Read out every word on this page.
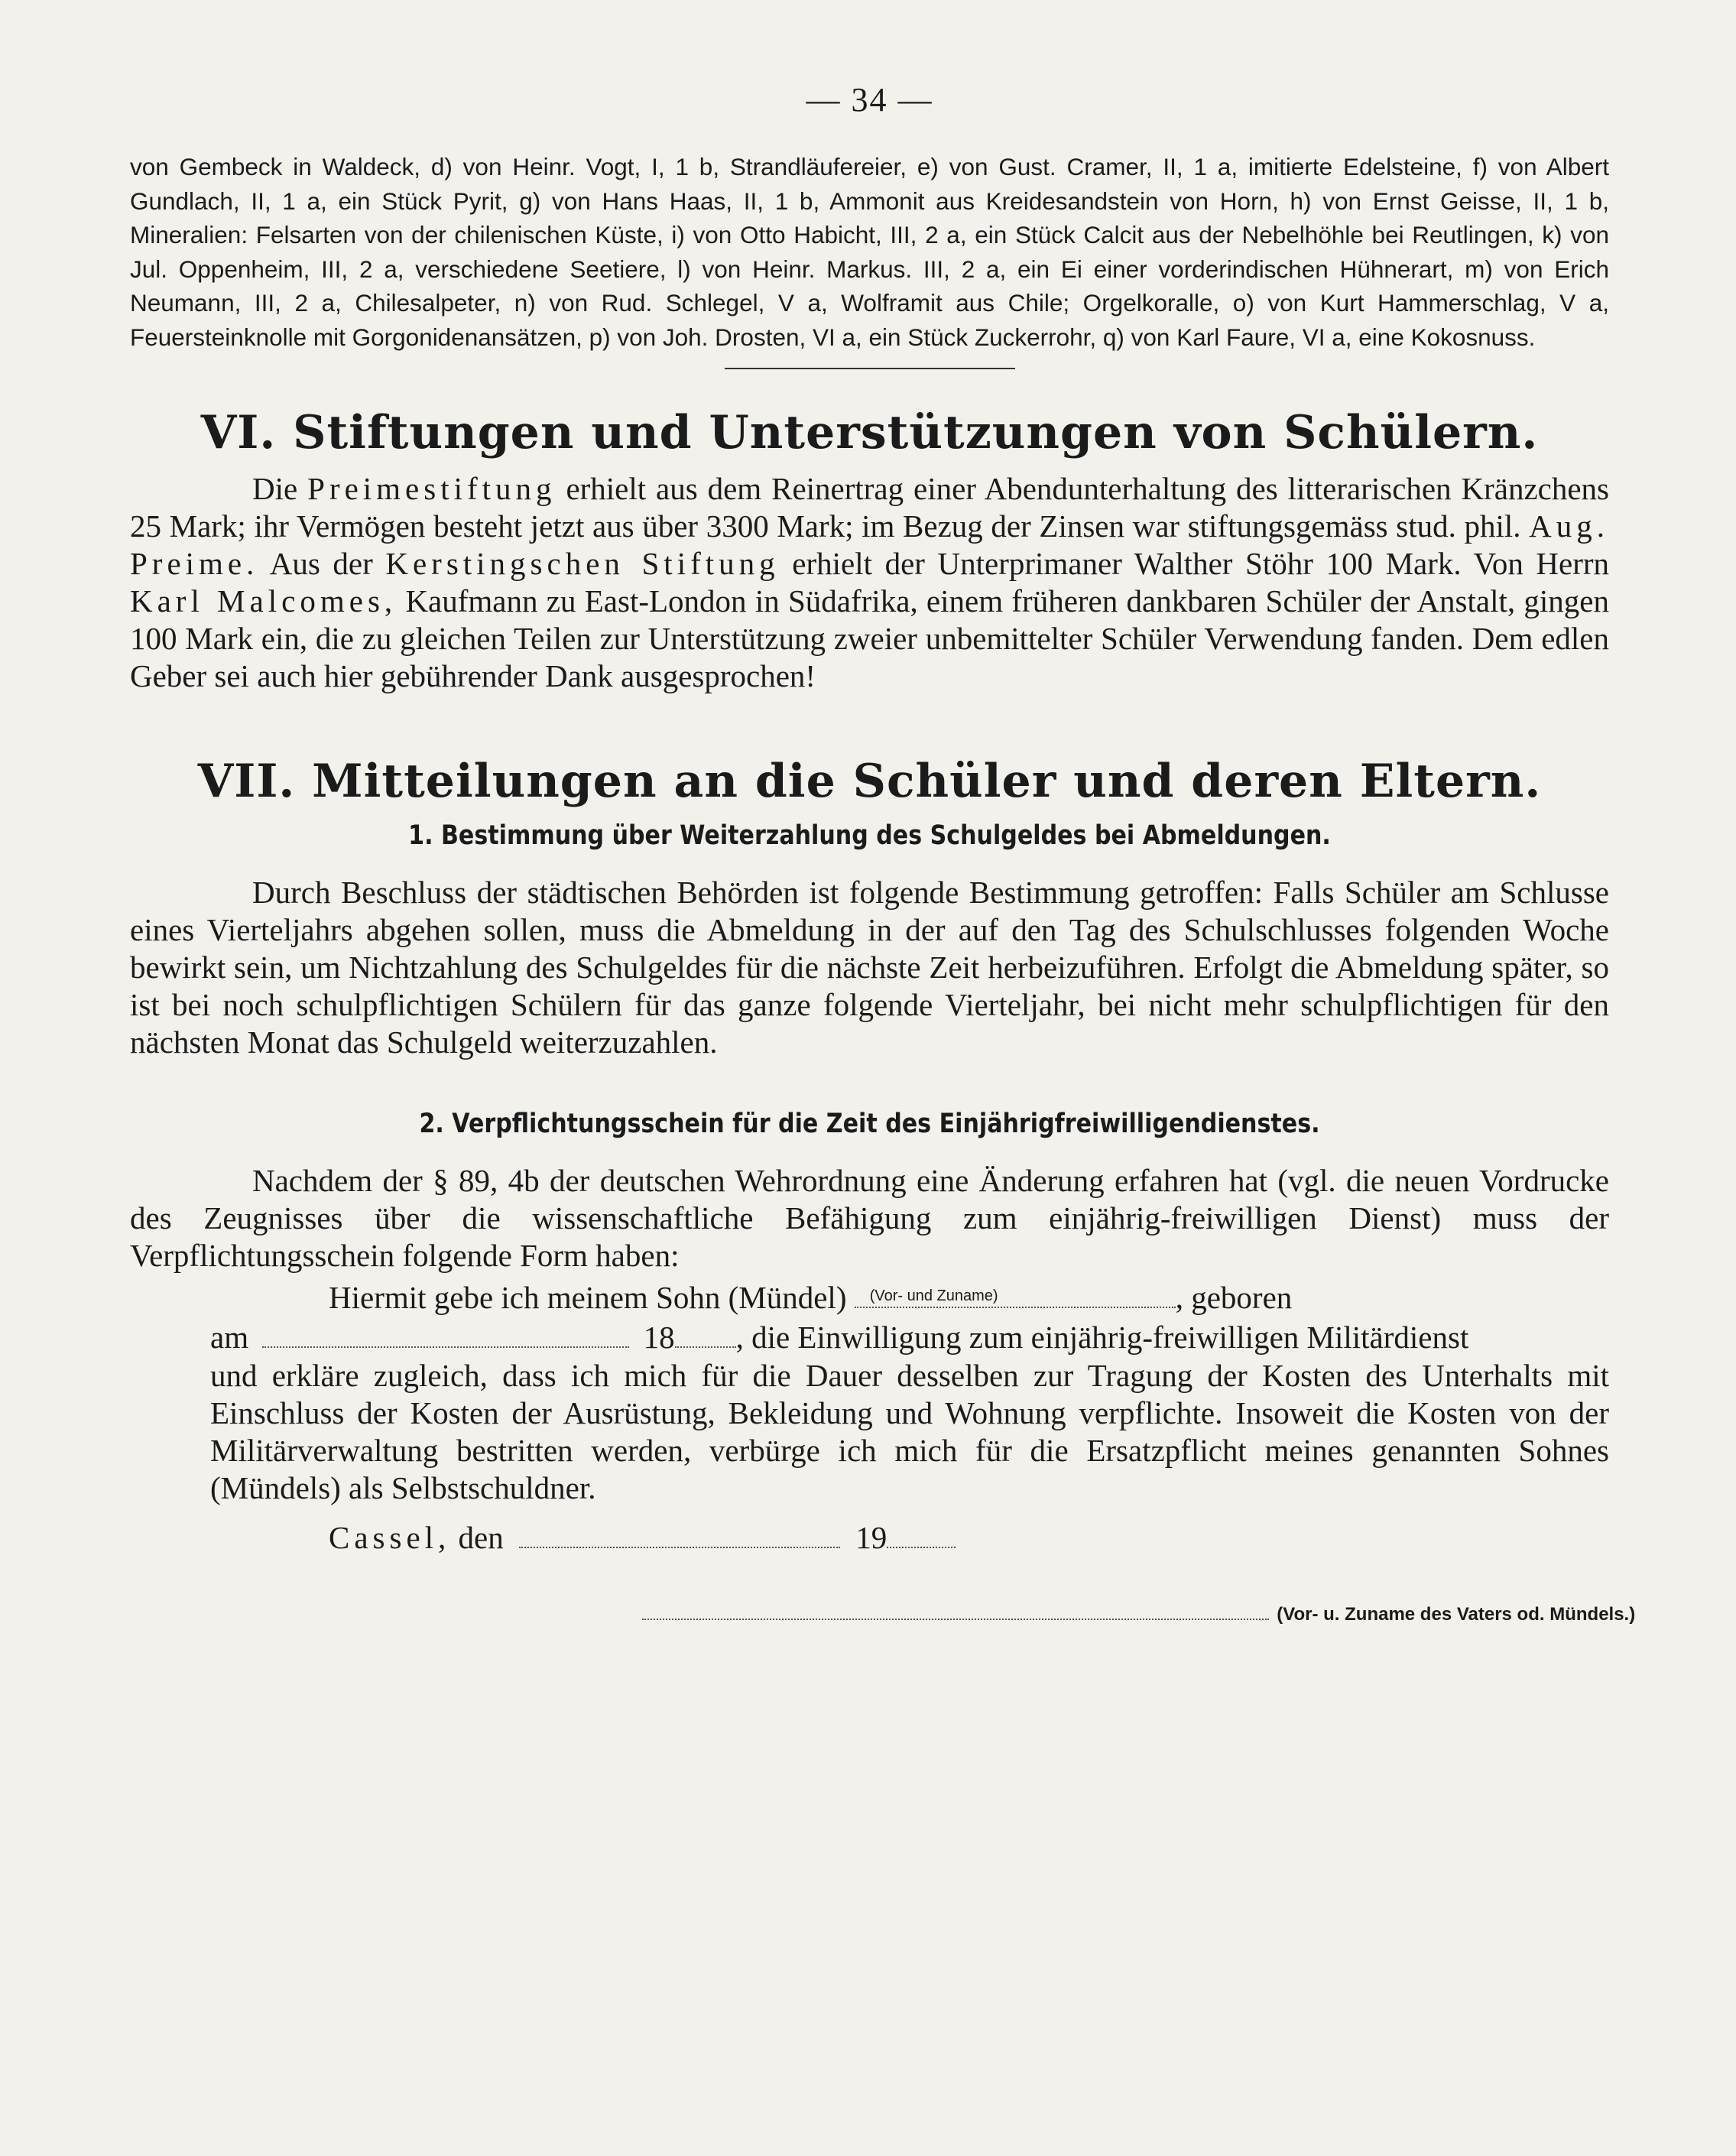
— 34 —

von Gembeck in Waldeck, d) von Heinr. Vogt, I, 1 b, Strandläufereier, e) von Gust. Cramer, II, 1 a, imitierte Edelsteine, f) von Albert Gundlach, II, 1 a, ein Stück Pyrit, g) von Hans Haas, II, 1 b, Ammonit aus Kreidesandstein von Horn, h) von Ernst Geisse, II, 1 b, Mineralien: Felsarten von der chilenischen Küste, i) von Otto Habicht, III, 2 a, ein Stück Calcit aus der Nebelhöhle bei Reutlingen, k) von Jul. Oppenheim, III, 2 a, verschiedene Seetiere, l) von Heinr. Markus. III, 2 a, ein Ei einer vorderindischen Hühnerart, m) von Erich Neumann, III, 2 a, Chilesalpeter, n) von Rud. Schlegel, V a, Wolframit aus Chile; Orgelkoralle, o) von Kurt Hammerschlag, V a, Feuersteinknolle mit Gorgonidenansätzen, p) von Joh. Drosten, VI a, ein Stück Zuckerrohr, q) von Karl Faure, VI a, eine Kokosnuss.

VI. Stiftungen und Unterstützungen von Schülern.

Die Preimestiftung erhielt aus dem Reinertrag einer Abendunterhaltung des litterarischen Kränzchens 25 Mark; ihr Vermögen besteht jetzt aus über 3300 Mark; im Bezug der Zinsen war stiftungsgemäss stud. phil. Aug. Preime. Aus der Kerstingschen Stiftung erhielt der Unterprimaner Walther Stöhr 100 Mark. Von Herrn Karl Malcomes, Kaufmann zu East-London in Südafrika, einem früheren dankbaren Schüler der Anstalt, gingen 100 Mark ein, die zu gleichen Teilen zur Unterstützung zweier unbemittelter Schüler Verwendung fanden. Dem edlen Geber sei auch hier gebührender Dank ausgesprochen!

VII. Mitteilungen an die Schüler und deren Eltern.
1. Bestimmung über Weiterzahlung des Schulgeldes bei Abmeldungen.

Durch Beschluss der städtischen Behörden ist folgende Bestimmung getroffen: Falls Schüler am Schlusse eines Vierteljahrs abgehen sollen, muss die Abmeldung in der auf den Tag des Schulschlusses folgenden Woche bewirkt sein, um Nichtzahlung des Schulgeldes für die nächste Zeit herbeizuführen. Erfolgt die Abmeldung später, so ist bei noch schulpflichtigen Schülern für das ganze folgende Vierteljahr, bei nicht mehr schulpflichtigen für den nächsten Monat das Schulgeld weiterzuzahlen.

2. Verpflichtungsschein für die Zeit des Einjährigfreiwilligendienstes.

Nachdem der § 89, 4b der deutschen Wehrordnung eine Änderung erfahren hat (vgl. die neuen Vordrucke des Zeugnisses über die wissenschaftliche Befähigung zum einjährig-freiwilligen Dienst) muss der Verpflichtungsschein folgende Form haben:

Hiermit gebe ich meinem Sohn (Mündel) (Vor- und Zuname)	, geboren
am	18 , die Einwilligung zum einjährig-freiwilligen Militärdienst

und erkläre zugleich, dass ich mich für die Dauer desselben zur Tragung der Kosten des Unterhalts mit Einschluss der Kosten der Ausrüstung, Bekleidung und Wohnung verpflichte. Insoweit die Kosten von der Militärverwaltung bestritten werden, verbürge ich mich für die Ersatzpflicht meines genannten Sohnes (Mündels) als Selbstschuldner.

Cassel, den	19
(Vor- u. Zuname des Vaters od. Mündels.)
